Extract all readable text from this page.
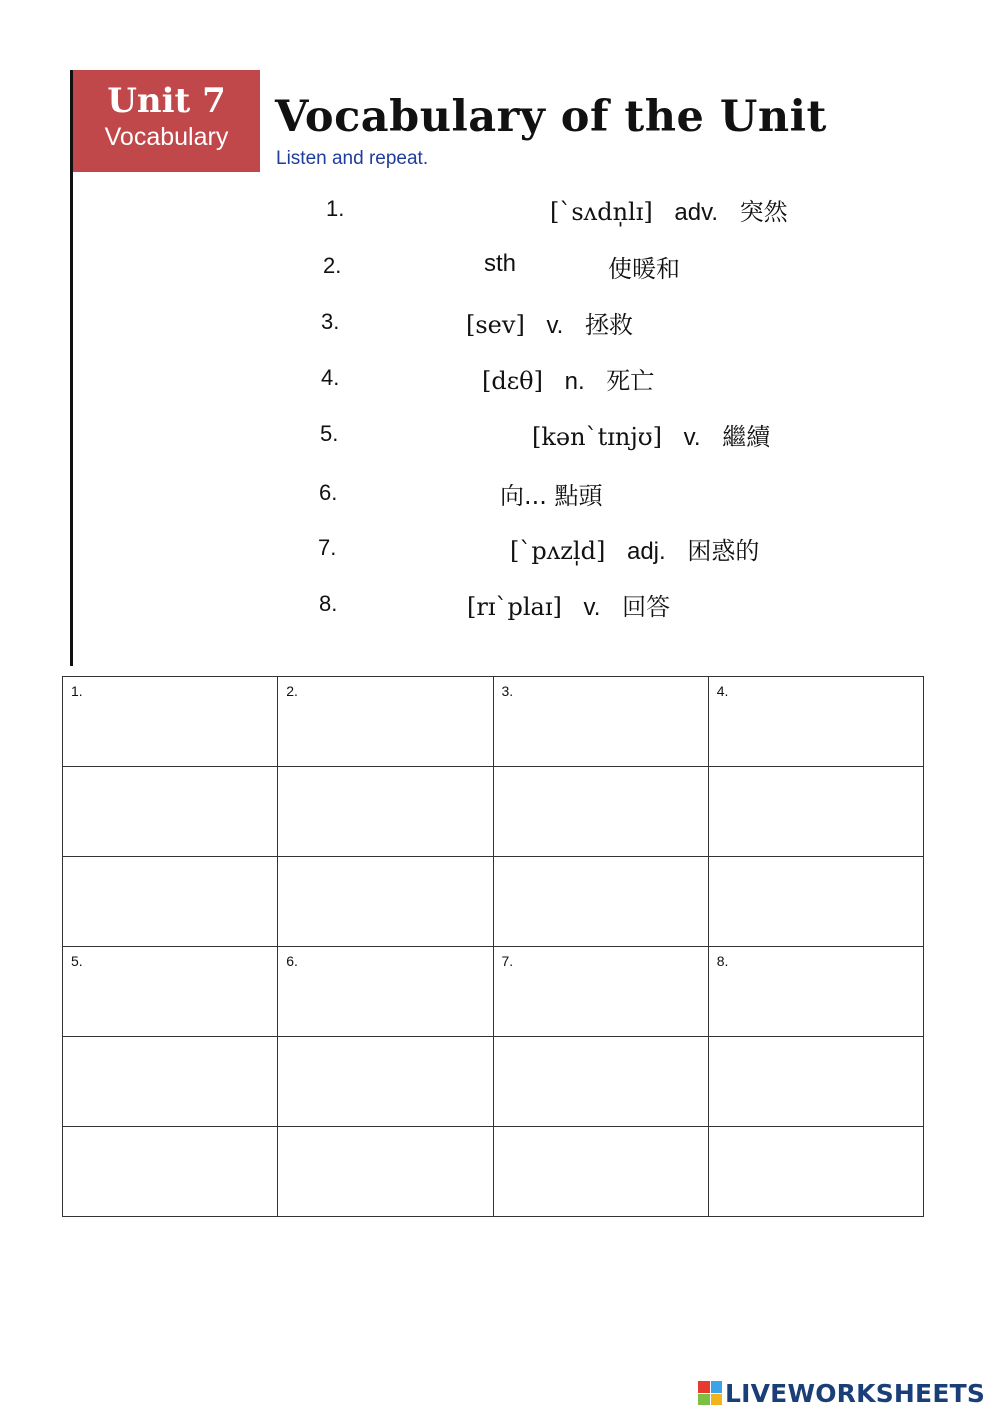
Unit 7
Vocabulary	Vocabulary of the Unit
Listen and repeat.
1.	[ˋsʌdn̩lɪ] adv. 突然
2.	sth	使暖和
3.	[sev] v. 拯救
4.	[dɛθ] n. 死亡
5.	[kənˋtɪnjʊ] v. 繼續
6.	向... 點頭
7.	[ˋpʌzl̩d] adj. 困惑的
8.	[rɪˋplaɪ] v. 回答
1.	2.	3.	4.

5.	6.	7.	8.

LIVEWORKSHEETS
